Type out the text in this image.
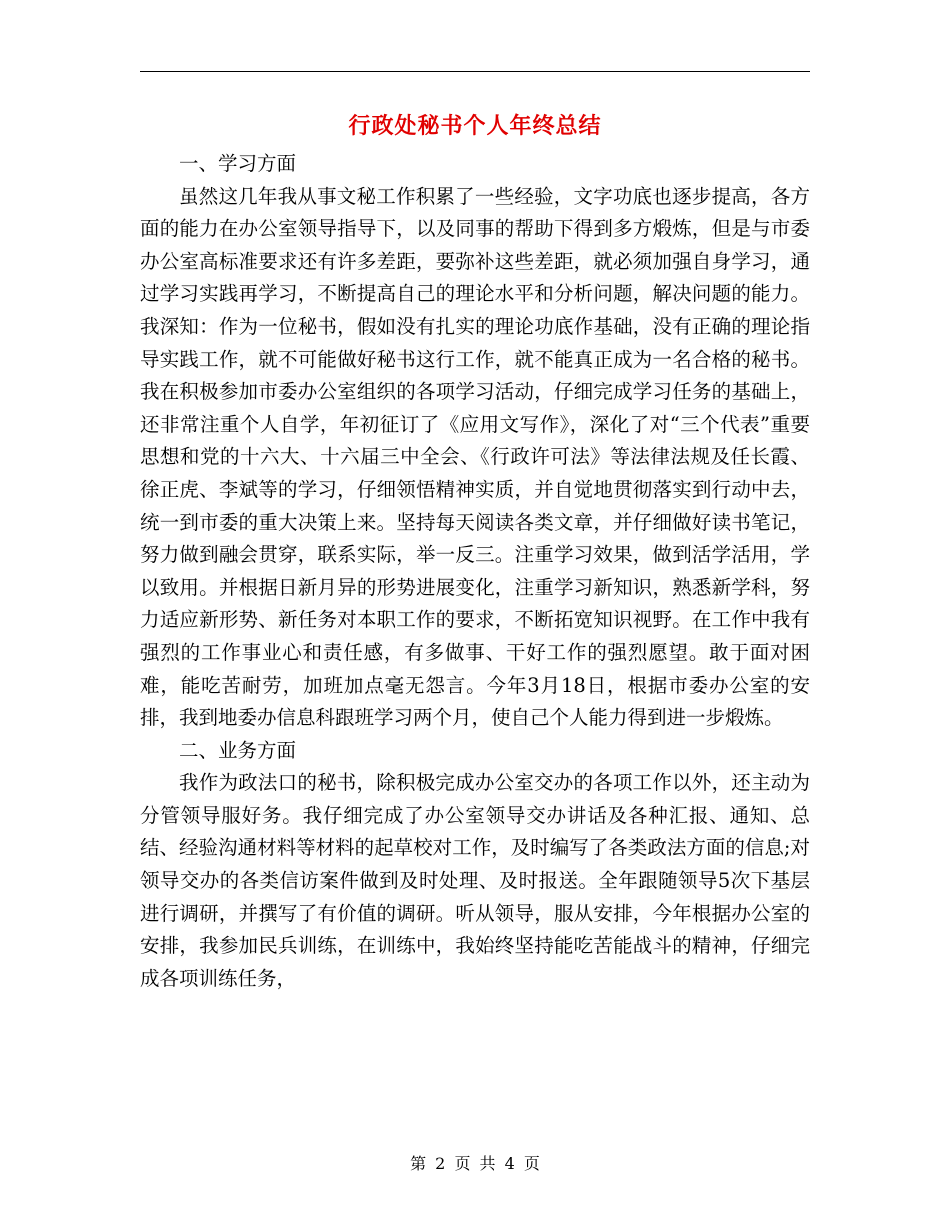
行政处秘书个人年终总结

一、学习方面

虽然这几年我从事文秘工作积累了一些经验，文字功底也逐步提高，各方面的能力在办公室领导指导下，以及同事的帮助下得到多方煅炼，但是与市委办公室高标准要求还有许多差距，要弥补这些差距，就必须加强自身学习，通过学习实践再学习，不断提高自己的理论水平和分析问题，解决问题的能力。我深知：作为一位秘书，假如没有扎实的理论功底作基础，没有正确的理论指导实践工作，就不可能做好秘书这行工作，就不能真正成为一名合格的秘书。我在积极参加市委办公室组织的各项学习活动，仔细完成学习任务的基础上，还非常注重个人自学，年初征订了《应用文写作》，深化了对“三个代表”重要思想和党的十六大、十六届三中全会、《行政许可法》等法律法规及任长霞、徐正虎、李斌等的学习，仔细领悟精神实质，并自觉地贯彻落实到行动中去，统一到市委的重大决策上来。坚持每天阅读各类文章，并仔细做好读书笔记，努力做到融会贯穿，联系实际，举一反三。注重学习效果，做到活学活用，学以致用。并根据日新月异的形势进展变化，注重学习新知识，熟悉新学科，努力适应新形势、新任务对本职工作的要求，不断拓宽知识视野。在工作中我有强烈的工作事业心和责任感，有多做事、干好工作的强烈愿望。敢于面对困难，能吃苦耐劳，加班加点毫无怨言。今年3月18日，根据市委办公室的安排，我到地委办信息科跟班学习两个月，使自己个人能力得到进一步煅炼。

二、业务方面

我作为政法口的秘书，除积极完成办公室交办的各项工作以外，还主动为分管领导服好务。我仔细完成了办公室领导交办讲话及各种汇报、通知、总结、经验沟通材料等材料的起草校对工作，及时编写了各类政法方面的信息;对领导交办的各类信访案件做到及时处理、及时报送。全年跟随领导5次下基层进行调研，并撰写了有价值的调研。听从领导，服从安排，今年根据办公室的安排，我参加民兵训练，在训练中，我始终坚持能吃苦能战斗的精神，仔细完成各项训练任务，

第 2 页 共 4 页
